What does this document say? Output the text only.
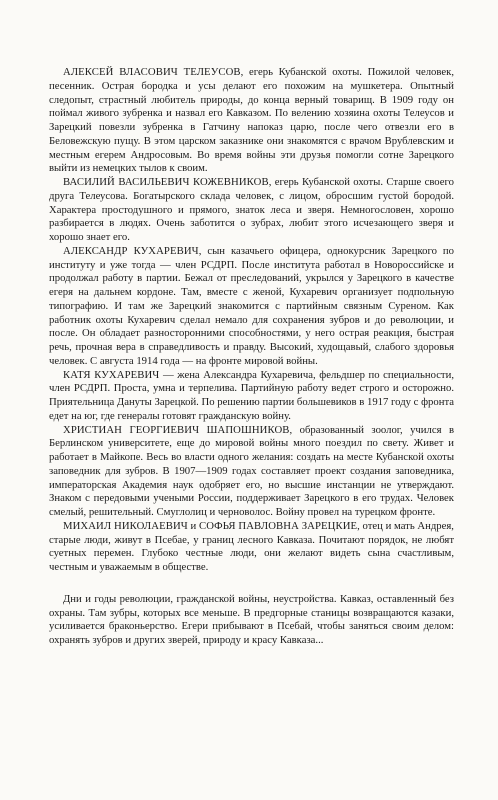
АЛЕКСЕЙ ВЛАСОВИЧ ТЕЛЕУСОВ, егерь Кубанской охоты. Пожилой человек, песенник. Острая бородка и усы делают его похожим на мушкетера. Опытный следопыт, страстный любитель природы, до конца верный товарищ. В 1909 году он поймал живого зубренка и назвал его Кавказом. По велению хозяина охоты Телеусов и Зарецкий повезли зубренка в Гатчину напоказ царю, после чего отвезли его в Беловежскую пущу. В этом царском заказнике они знакомятся с врачом Врублевским и местным егерем Андросовым. Во время войны эти друзья помогли сотне Зарецкого выйти из немецких тылов к своим.

ВАСИЛИЙ ВАСИЛЬЕВИЧ КОЖЕВНИКОВ, егерь Кубанской охоты. Старше своего друга Телеусова. Богатырского склада человек, с лицом, обросшим густой бородой. Характера простодушного и прямого, знаток леса и зверя. Немногословен, хорошо разбирается в людях. Очень заботится о зубрах, любит этого исчезающего зверя и хорошо знает его.

АЛЕКСАНДР КУХАРЕВИЧ, сын казачьего офицера, однокурсник Зарецкого по институту и уже тогда — член РСДРП. После института работал в Новороссийске и продолжал работу в партии. Бежал от преследований, укрылся у Зарецкого в качестве егеря на дальнем кордоне. Там, вместе с женой, Кухаревич организует подпольную типографию. И там же Зарецкий знакомится с партийным связным Суреном. Как работник охоты Кухаревич сделал немало для сохранения зубров и до революции, и после. Он обладает разносторонними способностями, у него острая реакция, быстрая речь, прочная вера в справедливость и правду. Высокий, худощавый, слабого здоровья человек. С августа 1914 года — на фронте мировой войны.

КАТЯ КУХАРЕВИЧ — жена Александра Кухаревича, фельдшер по специальности, член РСДРП. Проста, умна и терпелива. Партийную работу ведет строго и осторожно. Приятельница Дануты Зарецкой. По решению партии большевиков в 1917 году с фронта едет на юг, где генералы готовят гражданскую войну.

ХРИСТИАН ГЕОРГИЕВИЧ ШАПОШНИКОВ, образованный зоолог, учился в Берлинском университете, еще до мировой войны много поездил по свету. Живет и работает в Майкопе. Весь во власти одного желания: создать на месте Кубанской охоты заповедник для зубров. В 1907—1909 годах составляет проект создания заповедника, императорская Академия наук одобряет его, но высшие инстанции не утверждают. Знаком с передовыми учеными России, поддерживает Зарецкого в его трудах. Человек смелый, решительный. Смуглолиц и черноволос. Войну провел на турецком фронте.

МИХАИЛ НИКОЛАЕВИЧ и СОФЬЯ ПАВЛОВНА ЗАРЕЦКИЕ, отец и мать Андрея, старые люди, живут в Псебае, у границ лесного Кавказа. Почитают порядок, не любят суетных перемен. Глубоко честные люди, они желают видеть сына счастливым, честным и уважаемым в обществе.

Дни и годы революции, гражданской войны, неустройства. Кавказ, оставленный без охраны. Там зубры, которых все меньше. В предгорные станицы возвращаются казаки, усиливается браконьерство. Егери прибывают в Псебай, чтобы заняться своим делом: охранять зубров и других зверей, природу и красу Кавказа...
